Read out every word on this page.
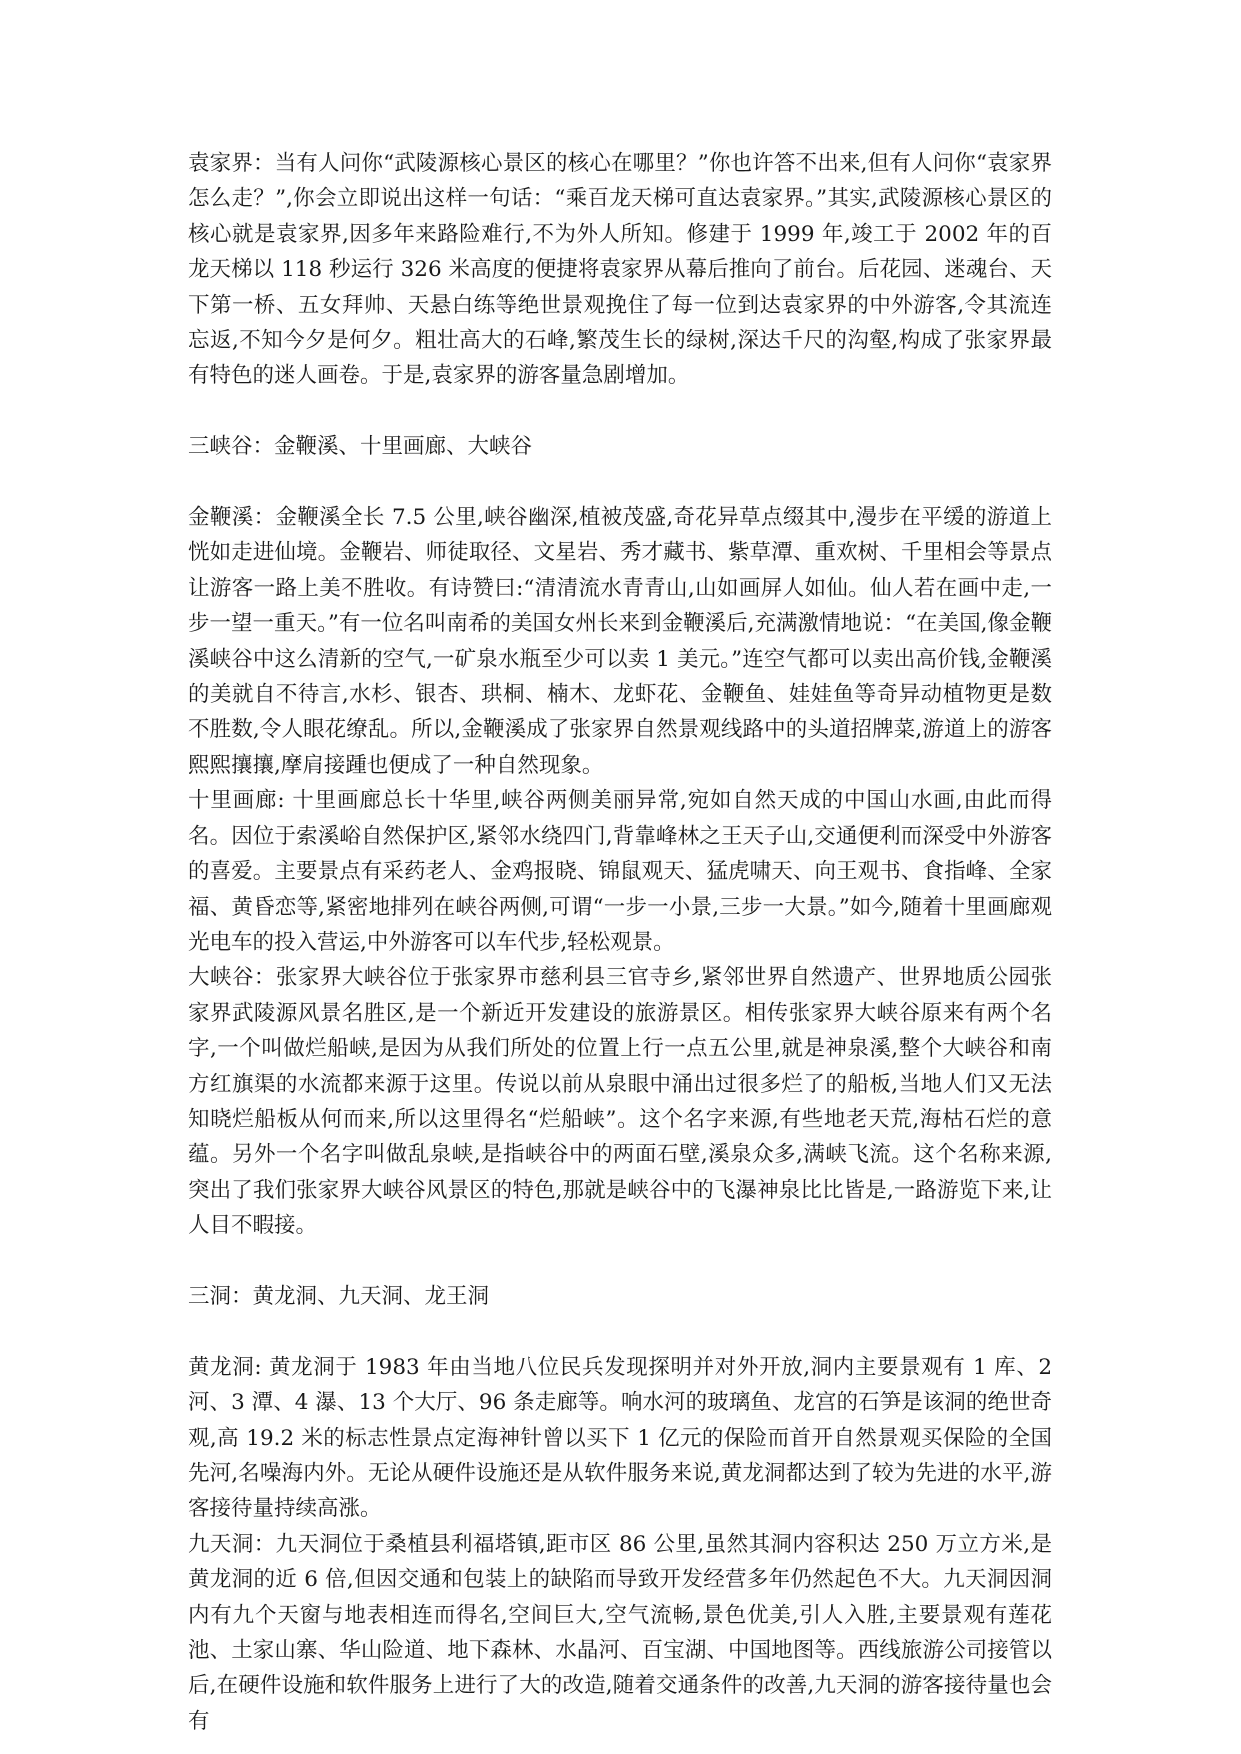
袁家界：当有人问你“武陵源核心景区的核心在哪里？”你也许答不出来,但有人问你“袁家界怎么走？”,你会立即说出这样一句话：“乘百龙天梯可直达袁家界。”其实,武陵源核心景区的核心就是袁家界,因多年来路险难行,不为外人所知。修建于 1999 年,竣工于 2002 年的百龙天梯以 118 秒运行 326 米高度的便捷将袁家界从幕后推向了前台。后花园、迷魂台、天下第一桥、五女拜帅、天悬白练等绝世景观挽住了每一位到达袁家界的中外游客,令其流连忘返,不知今夕是何夕。粗壮高大的石峰,繁茂生长的绿树,深达千尺的沟壑,构成了张家界最有特色的迷人画卷。于是,袁家界的游客量急剧增加。

三峡谷：金鞭溪、十里画廊、大峡谷

金鞭溪：金鞭溪全长 7.5 公里,峡谷幽深,植被茂盛,奇花异草点缀其中,漫步在平缓的游道上恍如走进仙境。金鞭岩、师徒取径、文星岩、秀才藏书、紫草潭、重欢树、千里相会等景点让游客一路上美不胜收。有诗赞曰:“清清流水青青山,山如画屏人如仙。仙人若在画中走,一步一望一重天。”有一位名叫南希的美国女州长来到金鞭溪后,充满激情地说：“在美国,像金鞭溪峡谷中这么清新的空气,一矿泉水瓶至少可以卖 1 美元。”连空气都可以卖出高价钱,金鞭溪的美就自不待言,水杉、银杏、珙桐、楠木、龙虾花、金鞭鱼、娃娃鱼等奇异动植物更是数不胜数,令人眼花缭乱。所以,金鞭溪成了张家界自然景观线路中的头道招牌菜,游道上的游客熙熙攘攘,摩肩接踵也便成了一种自然现象。

十里画廊: 十里画廊总长十华里,峡谷两侧美丽异常,宛如自然天成的中国山水画,由此而得名。因位于索溪峪自然保护区,紧邻水绕四门,背靠峰林之王天子山,交通便利而深受中外游客的喜爱。主要景点有采药老人、金鸡报晓、锦鼠观天、猛虎啸天、向王观书、食指峰、全家福、黄昏恋等,紧密地排列在峡谷两侧,可谓“一步一小景,三步一大景。”如今,随着十里画廊观光电车的投入营运,中外游客可以车代步,轻松观景。

大峡谷：张家界大峡谷位于张家界市慈利县三官寺乡,紧邻世界自然遗产、世界地质公园张家界武陵源风景名胜区,是一个新近开发建设的旅游景区。相传张家界大峡谷原来有两个名字,一个叫做烂船峡,是因为从我们所处的位置上行一点五公里,就是神泉溪,整个大峡谷和南方红旗渠的水流都来源于这里。传说以前从泉眼中涌出过很多烂了的船板,当地人们又无法知晓烂船板从何而来,所以这里得名“烂船峡”。这个名字来源,有些地老天荒,海枯石烂的意蕴。另外一个名字叫做乱泉峡,是指峡谷中的两面石壁,溪泉众多,满峡飞流。这个名称来源,突出了我们张家界大峡谷风景区的特色,那就是峡谷中的飞瀑神泉比比皆是,一路游览下来,让人目不暇接。

三洞：黄龙洞、九天洞、龙王洞

黄龙洞: 黄龙洞于 1983 年由当地八位民兵发现探明并对外开放,洞内主要景观有 1 库、2 河、3 潭、4 瀑、13 个大厅、96 条走廊等。响水河的玻璃鱼、龙宫的石笋是该洞的绝世奇观,高 19.2 米的标志性景点定海神针曾以买下 1 亿元的保险而首开自然景观买保险的全国先河,名噪海内外。无论从硬件设施还是从软件服务来说,黄龙洞都达到了较为先进的水平,游客接待量持续高涨。

九天洞：九天洞位于桑植县利福塔镇,距市区 86 公里,虽然其洞内容积达 250 万立方米,是黄龙洞的近 6 倍,但因交通和包装上的缺陷而导致开发经营多年仍然起色不大。九天洞因洞内有九个天窗与地表相连而得名,空间巨大,空气流畅,景色优美,引人入胜,主要景观有莲花池、土家山寨、华山险道、地下森林、水晶河、百宝湖、中国地图等。西线旅游公司接管以后,在硬件设施和软件服务上进行了大的改造,随着交通条件的改善,九天洞的游客接待量也会有
